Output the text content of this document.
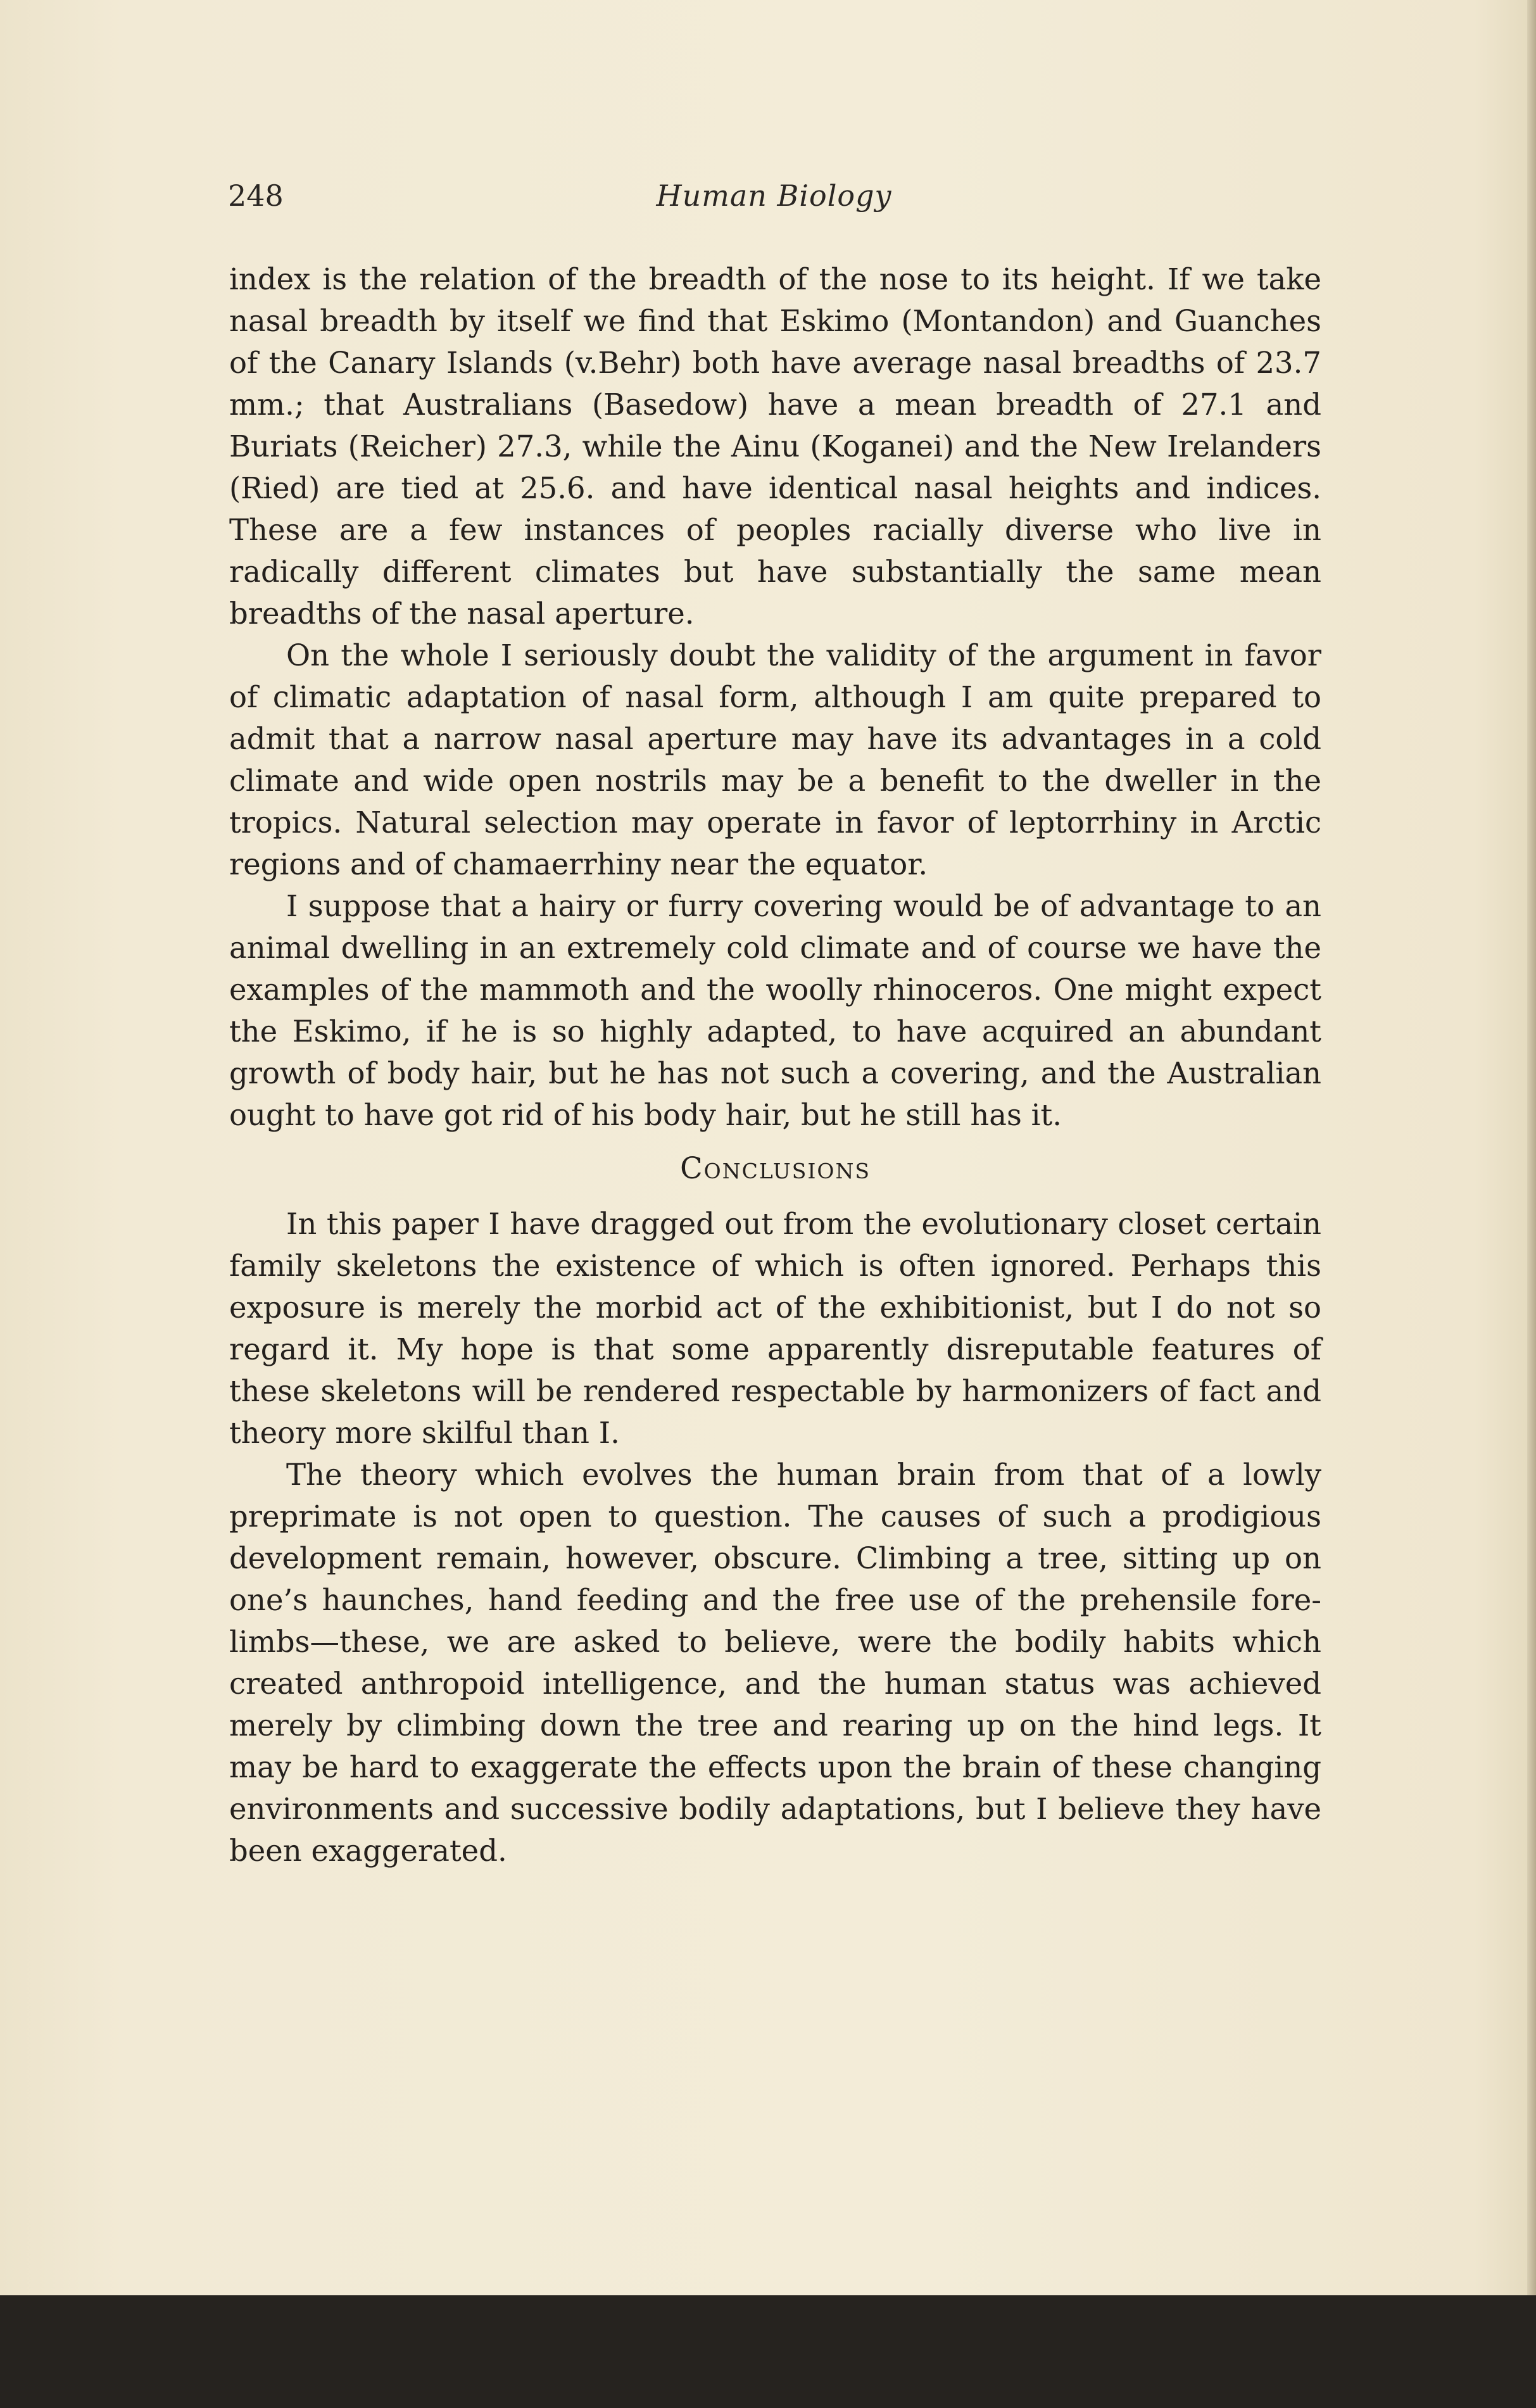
248	Human Biology

index is the relation of the breadth of the nose to its height. If we take nasal breadth by itself we find that Eskimo (Montandon) and Guanches of the Canary Islands (v.Behr) both have average nasal breadths of 23.7 mm.; that Australians (Basedow) have a mean breadth of 27.1 and Buriats (Reicher) 27.3, while the Ainu (Koganei) and the New Irelanders (Ried) are tied at 25.6. and have identical nasal heights and indices. These are a few instances of peoples racially diverse who live in radically different climates but have substantially the same mean breadths of the nasal aperture.

On the whole I seriously doubt the validity of the argument in favor of climatic adaptation of nasal form, although I am quite prepared to admit that a narrow nasal aperture may have its advantages in a cold climate and wide open nostrils may be a benefit to the dweller in the tropics. Natural selection may operate in favor of leptorrhiny in Arctic regions and of chamaerrhiny near the equator.

I suppose that a hairy or furry covering would be of advantage to an animal dwelling in an extremely cold climate and of course we have the examples of the mammoth and the woolly rhinoceros. One might expect the Eskimo, if he is so highly adapted, to have acquired an abundant growth of body hair, but he has not such a covering, and the Australian ought to have got rid of his body hair, but he still has it.

Conclusions

In this paper I have dragged out from the evolutionary closet certain family skeletons the existence of which is often ignored. Perhaps this exposure is merely the morbid act of the exhibitionist, but I do not so regard it. My hope is that some apparently disreputable features of these skeletons will be rendered respectable by harmonizers of fact and theory more skilful than I.

The theory which evolves the human brain from that of a lowly preprimate is not open to question. The causes of such a prodigious development remain, however, obscure. Climbing a tree, sitting up on one’s haunches, hand feeding and the free use of the prehensile fore-limbs—these, we are asked to believe, were the bodily habits which created anthropoid intelligence, and the human status was achieved merely by climbing down the tree and rearing up on the hind legs. It may be hard to exaggerate the effects upon the brain of these changing environments and successive bodily adaptations, but I believe they have been exaggerated.
